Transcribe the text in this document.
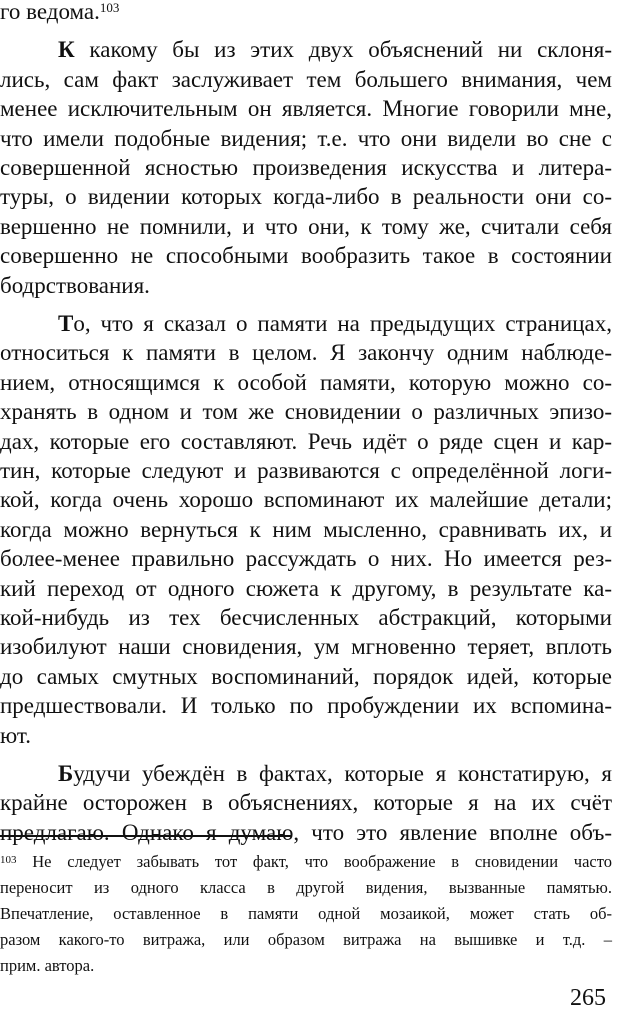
$^{103}$ Не следует забывать тот факт, что воображение в сновидении часто
переносит из одного класса в другой видения, вызванные памятью.
Впечатление, оставленное в памяти одной мозаикой, может стать об-
разом какого-то витража, или образом витража на вышивке и т.д. –
прим. автора.
265
го ведома.$^{103}$
К какому бы из этих двух объяснений ни склоня-
лись, сам факт заслуживает тем большего внимания, чем
менее исключительным он является. Многие говорили мне,
что имели подобные видения; т.е. что они видели во сне с
совершенной ясностью произведения искусства и литера-
туры, о видении которых когда-либо в реальности они со-
вершенно не помнили, и что они, к тому же, считали себя
совершенно не способными вообразить такое в состоянии
бодрствования.
То, что я сказал о памяти на предыдущих страницах,
относиться к памяти в целом. Я закончу одним наблюде-
нием, относящимся к особой памяти, которую можно со-
хранять в одном и том же сновидении о различных эпизо-
дах, которые его составляют. Речь идёт о ряде сцен и кар-
тин, которые следуют и развиваются с определённой логи-
кой, когда очень хорошо вспоминают их малейшие детали;
когда можно вернуться к ним мысленно, сравнивать их, и
более-менее правильно рассуждать о них. Но имеется рез-
кий переход от одного сюжета к другому, в результате ка-
кой-нибудь из тех бесчисленных абстракций, которыми
изобилуют наши сновидения, ум мгновенно теряет, вплоть
до самых смутных воспоминаний, порядок идей, которые
предшествовали. И только по пробуждении их вспомина-
ют.
Будучи убеждён в фактах, которые я констатирую, я
крайне осторожен в объяснениях, которые я на их счёт
предлагаю. Однако я думаю, что это явление вполне объ-
